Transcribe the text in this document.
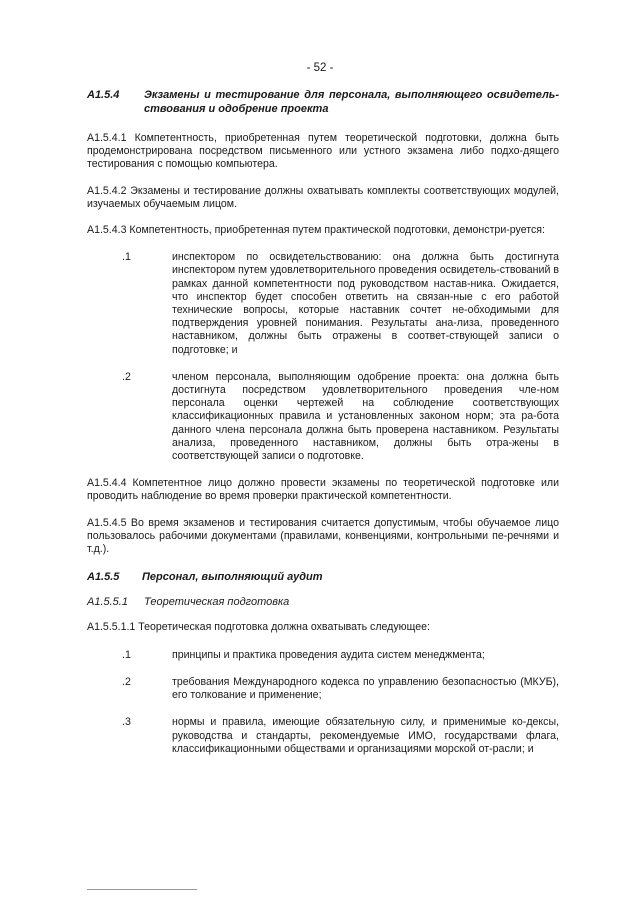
- 52 -
A1.5.4	Экзамены и тестирование для персонала, выполняющего освидетель-ствования и одобрение проекта

A1.5.4.1 Компетентность, приобретенная путем теоретической подготовки, должна быть продемонстрирована посредством письменного или устного экзамена либо подхо-дящего тестирования с помощью компьютера.

A1.5.4.2 Экзамены и тестирование должны охватывать комплекты соответствующих модулей, изучаемых обучаемым лицом.

A1.5.4.3 Компетентность, приобретенная путем практической подготовки, демонстри-руется:

.1	инспектором по освидетельствованию: она должна быть достигнута инспектором путем удовлетворительного проведения освидетель-ствований в рамках данной компетентности под руководством настав-ника. Ожидается, что инспектор будет способен ответить на связан-ные с его работой технические вопросы, которые наставник сочтет не-обходимыми для подтверждения уровней понимания. Результаты ана-лиза, проведенного наставником, должны быть отражены в соответ-ствующей записи о подготовке; и
.2	членом персонала, выполняющим одобрение проекта: она должна быть достигнута посредством удовлетворительного проведения чле-ном персонала оценки чертежей на соблюдение соответствующих классификационных правила и установленных законом норм; эта ра-бота данного члена персонала должна быть проверена наставником. Результаты анализа, проведенного наставником, должны быть отра-жены в соответствующей записи о подготовке.

A1.5.4.4 Компетентное лицо должно провести экзамены по теоретической подготовке или проводить наблюдение во время проверки практической компетентности.

A1.5.4.5 Во время экзаменов и тестирования считается допустимым, чтобы обучаемое лицо пользовалось рабочими документами (правилами, конвенциями, контрольными пе-речнями и т.д.).

A1.5.5	Персонал, выполняющий аудит
A1.5.5.1	Теоретическая подготовка

A1.5.5.1.1 Теоретическая подготовка должна охватывать следующее:

.1	принципы и практика проведения аудита систем менеджмента;
.2	требования Международного кодекса по управлению безопасностью (МКУБ), его толкование и применение;
.3	нормы и правила, имеющие обязательную силу, и применимые ко-дексы, руководства и стандарты, рекомендуемые ИМО, государствами флага, классификационными обществами и организациями морской от-расли; и
